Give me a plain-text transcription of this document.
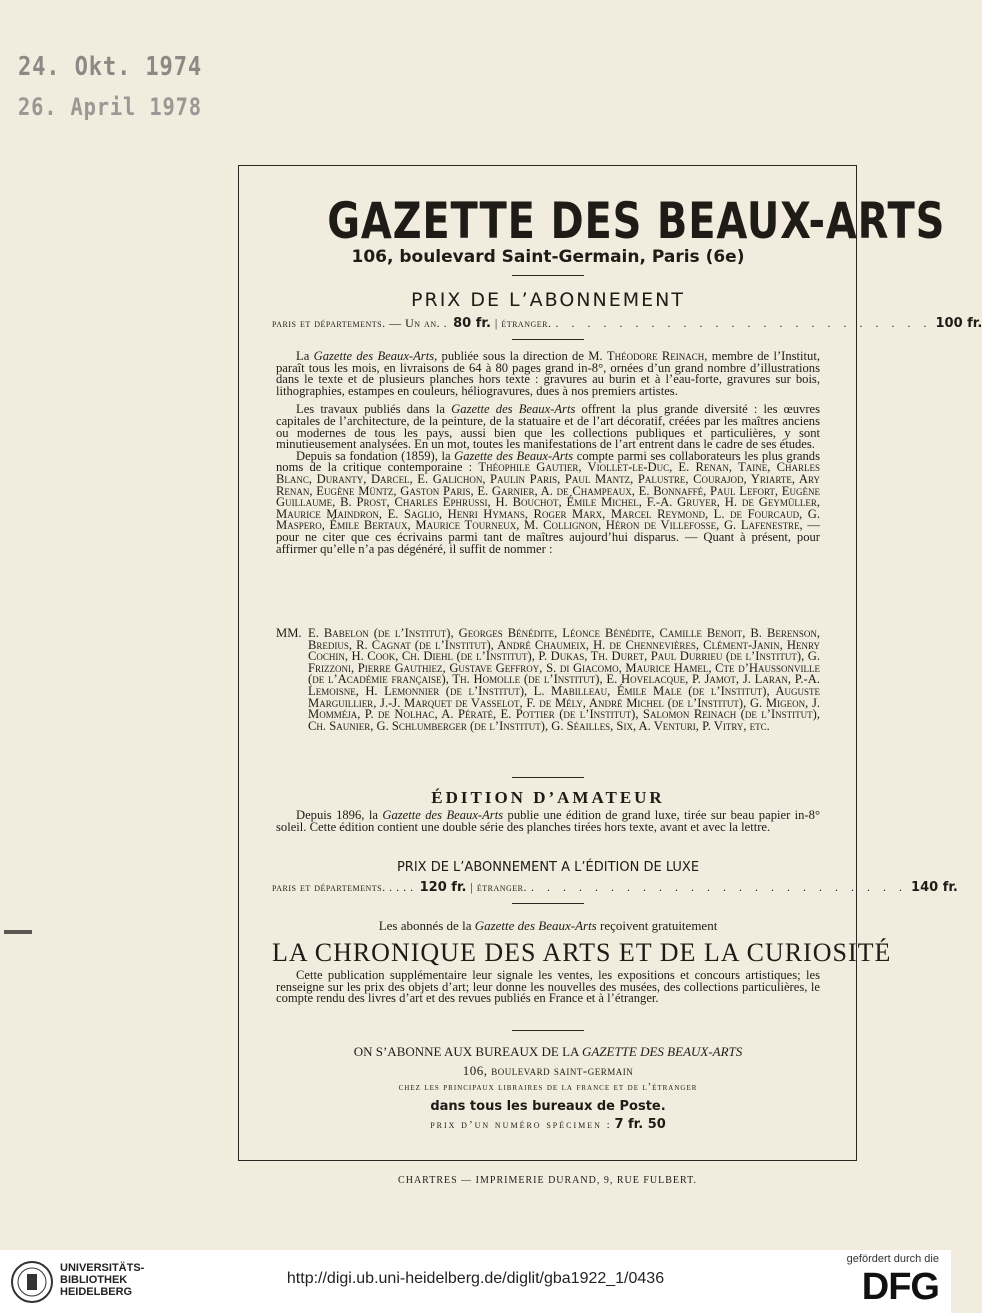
24. Okt. 1974
26. April 1978
GAZETTE DES BEAUX-ARTS
106, boulevard Saint-Germain, Paris (6e)
PRIX DE L’ABONNEMENT
paris et départements. — Un an. . 80 fr. | étranger. . . . . . . . . . . . . . . . . . . . . . . . . 100 fr.

La Gazette des Beaux-Arts, publiée sous la direction de M. Théodore Reinach, membre de l’Institut, paraît tous les mois, en livraisons de 64 à 80 pages grand in-8°, ornées d’un grand nombre d’illustrations dans le texte et de plusieurs planches hors texte : gravures au burin et à l’eau-forte, gravures sur bois, lithographies, estampes en couleurs, héliogravures, dues à nos premiers artistes.

Les travaux publiés dans la Gazette des Beaux-Arts offrent la plus grande diversité : les œuvres capitales de l’architecture, de la peinture, de la statuaire et de l’art décoratif, créées par les maîtres anciens ou modernes de tous les pays, aussi bien que les collections publiques et particulières, y sont minutieusement analysées. En un mot, toutes les manifestations de l’art entrent dans le cadre de ses études.

Depuis sa fondation (1859), la Gazette des Beaux-Arts compte parmi ses collaborateurs les plus grands noms de la critique contemporaine : Théophile Gautier, Viollet-le-Duc, E. Renan, Taine, Charles Blanc, Duranty, Darcel, E. Galichon, Paulin Paris, Paul Mantz, Palustre, Courajod, Yriarte, Ary Renan, Eugène Müntz, Gaston Paris, E. Garnier, A. de Champeaux, E. Bonnaffé, Paul Lefort, Eugène Guillaume, B. Prost, Charles Ephrussi, H. Bouchot, Émile Michel, F.-A. Gruyer, H. de Geymüller, Maurice Maindron, E. Saglio, Henri Hymans, Roger Marx, Marcel Reymond, L. de Fourcaud, G. Maspero, Émile Bertaux, Maurice Tourneux, M. Collignon, Héron de Villefosse, G. Lafenestre, — pour ne citer que ces écrivains parmi tant de maîtres aujourd’hui disparus. — Quant à présent, pour affirmer qu’elle n’a pas dégénéré, il suffit de nommer :

MM. E. Babelon (de l’Institut), Georges Bénédite, Léonce Bénédite, Camille Benoit, B. Berenson, Bredius, R. Cagnat (de l’Institut), André Chaumeix, H. de Chennevières, Clément-Janin, Henry Cochin, H. Cook, Ch. Diehl (de l’Institut), P. Dukas, Th. Duret, Paul Durrieu (de l’Institut), G. Frizzoni, Pierre Gauthiez, Gustave Geffroy, S. di Giacomo, Maurice Hamel, Cte d’Haussonville (de l’Académie française), Th. Homolle (de l’Institut), E. Hovelacque, P. Jamot, J. Laran, P.-A. Lemoisne, H. Lemonnier (de l’Institut), L. Mabilleau, Émile Male (de l’Institut), Auguste Marguillier, J.-J. Marquet de Vasselot, F. de Mély, André Michel (de l’Institut), G. Migeon, J. Momméja, P. de Nolhac, A. Pératé, E. Pottier (de l’Institut), Salomon Reinach (de l’Institut), Ch. Saunier, G. Schlumberger (de l’Institut), G. Séailles, Six, A. Venturi, P. Vitry, etc.
ÉDITION D’AMATEUR

Depuis 1896, la Gazette des Beaux-Arts publie une édition de grand luxe, tirée sur beau papier in-8° soleil. Cette édition contient une double série des planches tirées hors texte, avant et avec la lettre.

PRIX DE L’ABONNEMENT A L’ÉDITION DE LUXE
paris et départements. . . . . 120 fr. | étranger. . . . . . . . . . . . . . . . . . . . . . . . . 140 fr.
Les abonnés de la Gazette des Beaux-Arts reçoivent gratuitement
LA CHRONIQUE DES ARTS ET DE LA CURIOSITÉ

Cette publication supplémentaire leur signale les ventes, les expositions et concours artistiques; les renseigne sur les prix des objets d’art; leur donne les nouvelles des musées, des collections particulières, le compte rendu des livres d’art et des revues publiés en France et à l’étranger.

ON S’ABONNE AUX BUREAUX DE LA GAZETTE DES BEAUX-ARTS
106, boulevard saint-germain
chez les principaux libraires de la france et de l’étranger
dans tous les bureaux de Poste.
prix d’un numéro spécimen : 7 fr. 50
CHARTRES — IMPRIMERIE DURAND, 9, RUE FULBERT.
UNIVERSITÄTS-
BIBLIOTHEK
HEIDELBERG
http://digi.ub.uni-heidelberg.de/diglit/gba1922_1/0436
gefördert durch die
DFG
